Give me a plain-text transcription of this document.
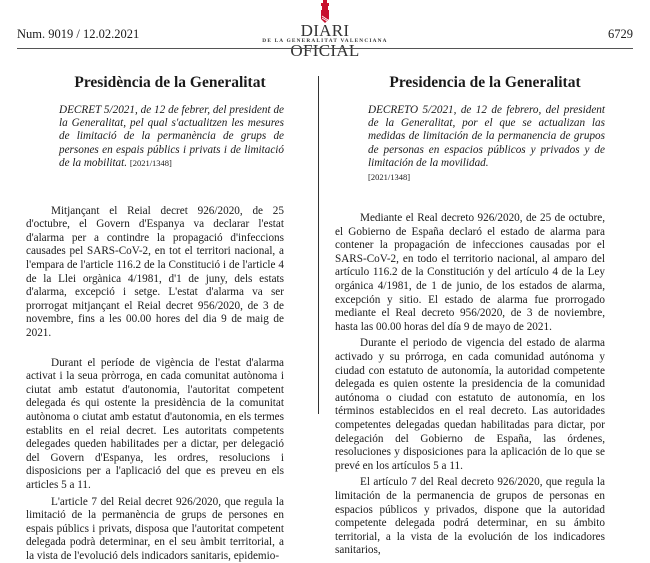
Num. 9019 / 12.02.2021	DIARI OFICIAL
DE LA GENERALITAT VALENCIANA	6729
Presidència de la Generalitat
DECRET 5/2021, de 12 de febrer, del president de la Generalitat, pel qual s'actualitzen les mesures de limitació de la permanència de grups de persones en espais públics i privats i de limitació de la mobilitat. [2021/1348]

Mitjançant el Reial decret 926/2020, de 25 d'octubre, el Govern d'Espanya va declarar l'estat d'alarma per a contindre la propagació d'infeccions causades pel SARS-CoV-2, en tot el territori nacional, a l'empara de l'article 116.2 de la Constitució i de l'article 4 de la Llei orgànica 4/1981, d'1 de juny, dels estats d'alarma, excepció i setge. L'estat d'alarma va ser prorrogat mitjançant el Reial decret 956/2020, de 3 de novembre, fins a les 00.00 hores del dia 9 de maig de 2021.

Durant el període de vigència de l'estat d'alarma activat i la seua pròrroga, en cada comunitat autònoma i ciutat amb estatut d'autonomia, l'autoritat competent delegada és qui ostente la presidència de la comunitat autònoma o ciutat amb estatut d'autonomia, en els termes establits en el reial decret. Les autoritats competents delegades queden habilitades per a dictar, per delegació del Govern d'Espanya, les ordres, resolucions i disposicions per a l'aplicació del que es preveu en els articles 5 a 11.

L'article 7 del Reial decret 926/2020, que regula la limitació de la permanència de grups de persones en espais públics i privats, disposa que l'autoritat competent delegada podrà determinar, en el seu àmbit territorial, a la vista de l'evolució dels indicadors sanitaris, epidemio-

Presidencia de la Generalitat
DECRETO 5/2021, de 12 de febrero, del president de la Generalitat, por el que se actualizan las medidas de limitación de la permanencia de grupos de personas en espacios públicos y privados y de limitación de la movilidad.
[2021/1348]

Mediante el Real decreto 926/2020, de 25 de octubre, el Gobierno de España declaró el estado de alarma para contener la propagación de infecciones causadas por el SARS-CoV-2, en todo el territorio nacional, al amparo del artículo 116.2 de la Constitución y del artículo 4 de la Ley orgánica 4/1981, de 1 de junio, de los estados de alarma, excepción y sitio. El estado de alarma fue prorrogado mediante el Real decreto 956/2020, de 3 de noviembre, hasta las 00.00 horas del día 9 de mayo de 2021.

Durante el periodo de vigencia del estado de alarma activado y su prórroga, en cada comunidad autónoma y ciudad con estatuto de autonomía, la autoridad competente delegada es quien ostente la presidencia de la comunidad autónoma o ciudad con estatuto de autonomía, en los términos establecidos en el real decreto. Las autoridades competentes delegadas quedan habilitadas para dictar, por delegación del Gobierno de España, las órdenes, resoluciones y disposiciones para la aplicación de lo que se prevé en los artículos 5 a 11.

El artículo 7 del Real decreto 926/2020, que regula la limitación de la permanencia de grupos de personas en espacios públicos y privados, dispone que la autoridad competente delegada podrá determinar, en su ámbito territorial, a la vista de la evolución de los indicadores sanitarios,
